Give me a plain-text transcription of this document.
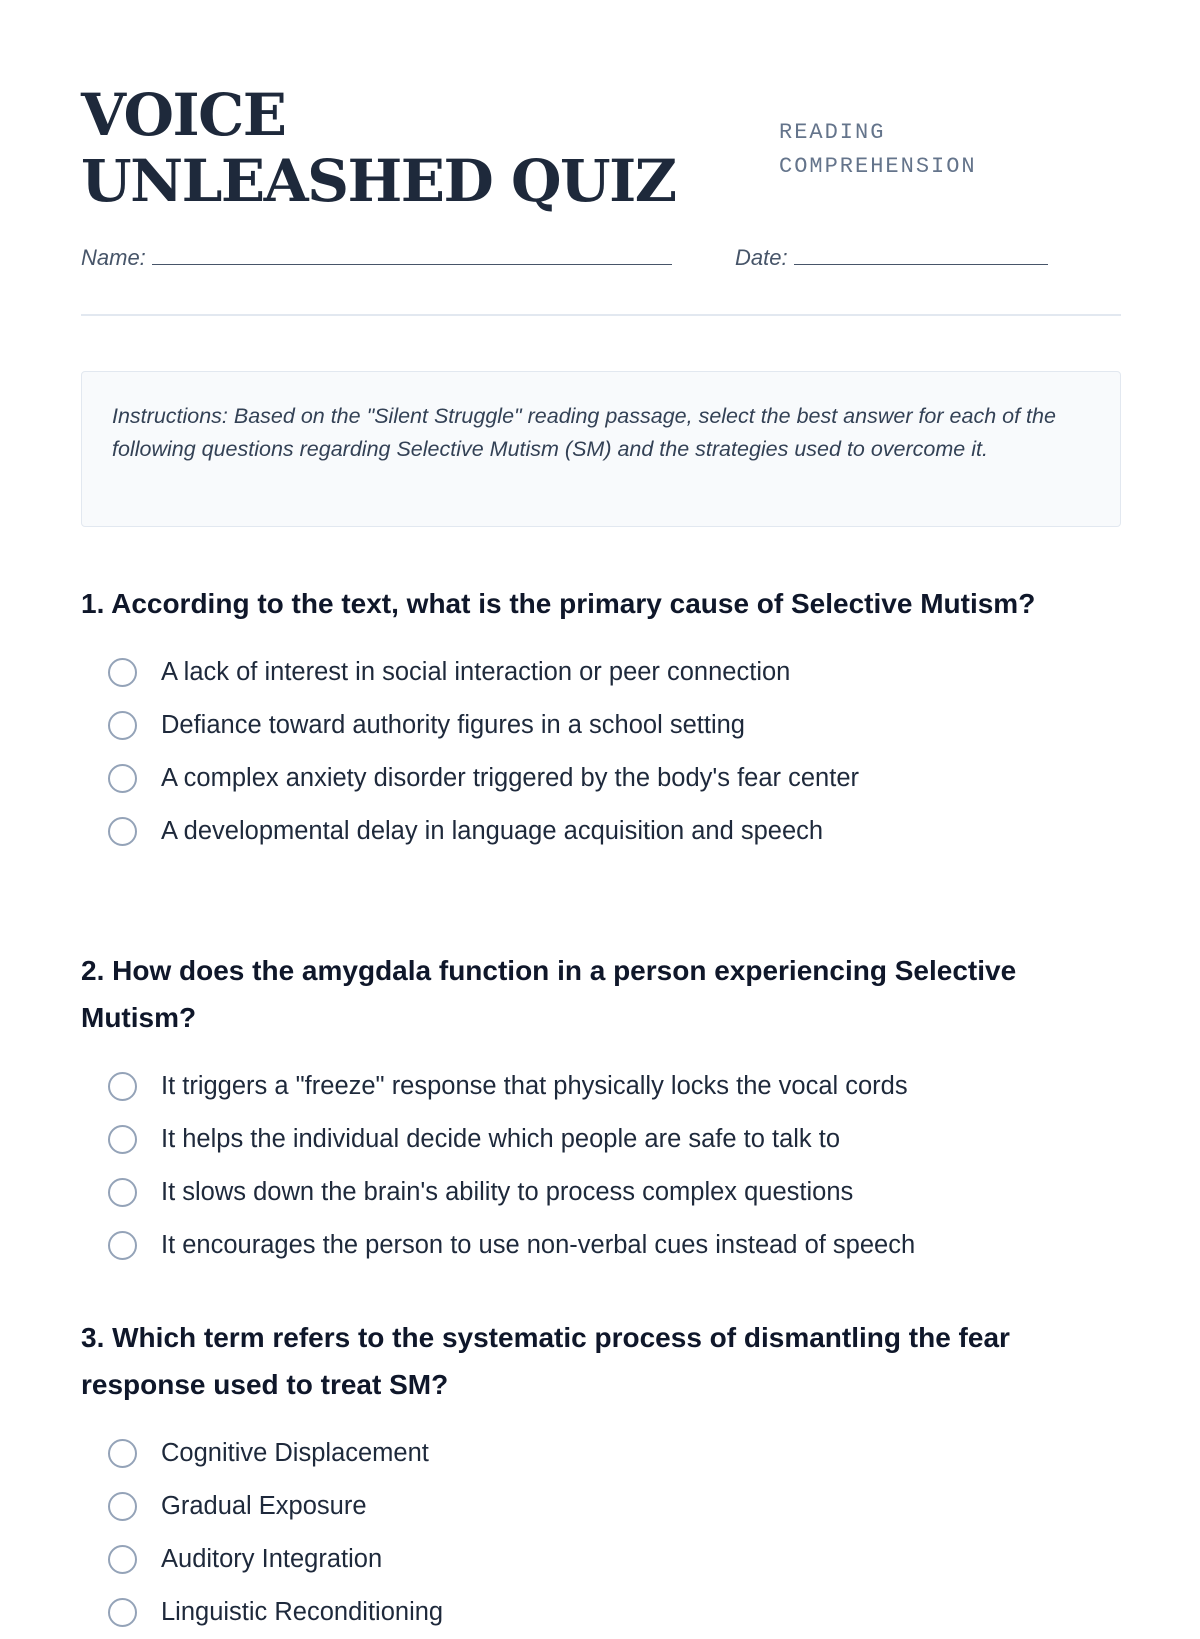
VOICE UNLEASHED QUIZ
READING COMPREHENSION
Name:	Date:
Instructions: Based on the "Silent Struggle" reading passage, select the best answer for each of the following questions regarding Selective Mutism (SM) and the strategies used to overcome it.

1. According to the text, what is the primary cause of Selective Mutism?

A lack of interest in social interaction or peer connection
Defiance toward authority figures in a school setting
A complex anxiety disorder triggered by the body's fear center
A developmental delay in language acquisition and speech

2. How does the amygdala function in a person experiencing Selective Mutism?

It triggers a "freeze" response that physically locks the vocal cords
It helps the individual decide which people are safe to talk to
It slows down the brain's ability to process complex questions
It encourages the person to use non-verbal cues instead of speech

3. Which term refers to the systematic process of dismantling the fear response used to treat SM?

Cognitive Displacement
Gradual Exposure
Auditory Integration
Linguistic Reconditioning
